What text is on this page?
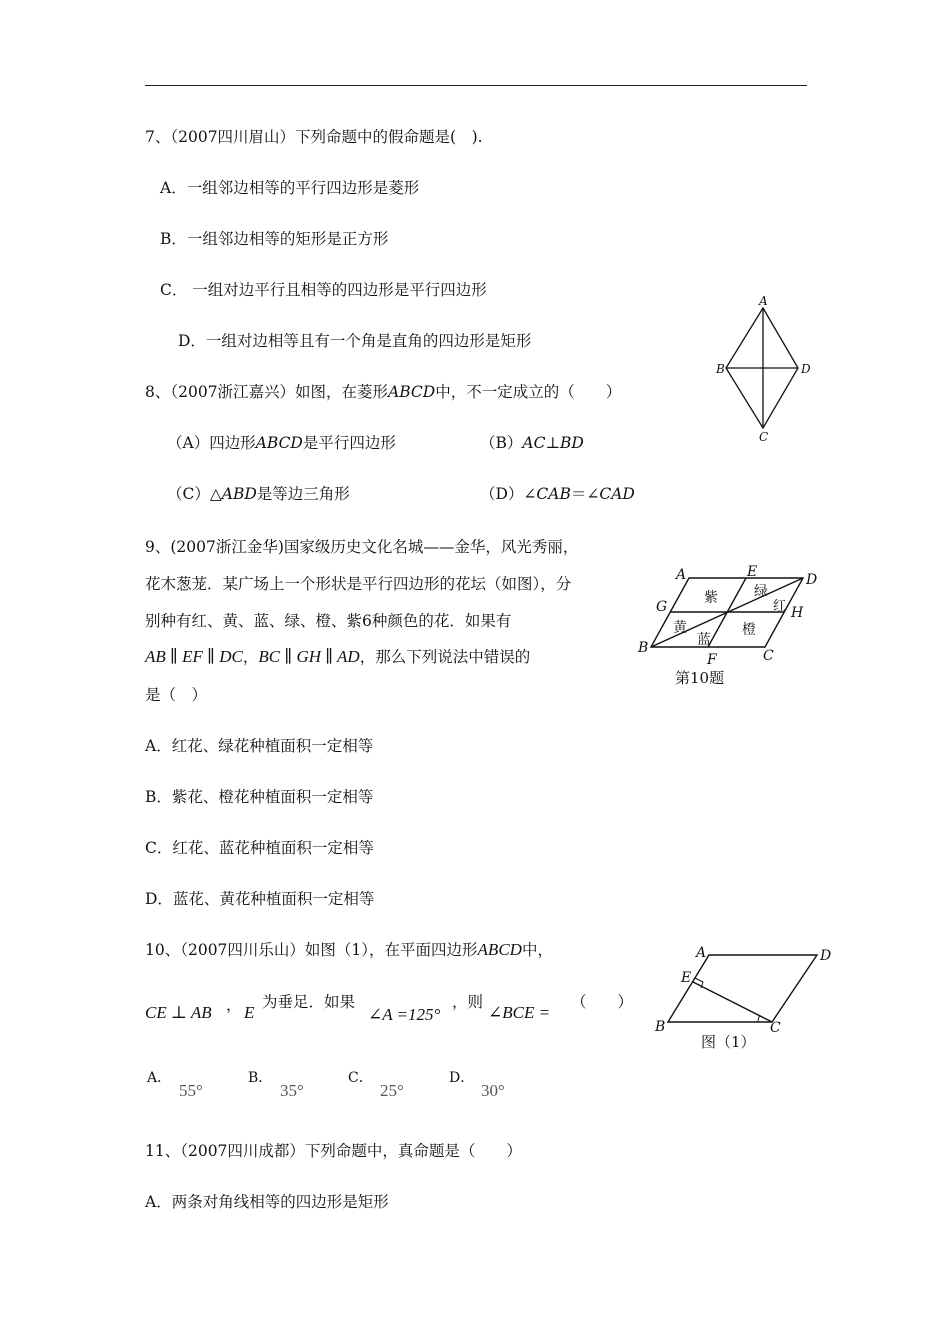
7、（2007四川眉山）下列命题中的假命题是(　).
A．一组邻边相等的平行四边形是菱形
B．一组邻边相等的矩形是正方形
C． 一组对边平行且相等的四边形是平行四边形
D．一组对边相等且有一个角是直角的四边形是矩形
8、（2007浙江嘉兴）如图，在菱形ABCD中，不一定成立的（　　）
（A）四边形ABCD是平行四边形	（B）AC⊥BD
（C）△ABD是等边三角形	（D）∠CAB＝∠CAD
A
B
C
D
9、(2007浙江金华)国家级历史文化名城——金华，风光秀丽，
花木葱茏．某广场上一个形状是平行四边形的花坛（如图），分
别种有红、黄、蓝、绿、橙、紫6种颜色的花．如果有
AB ∥ EF ∥ DC，BC ∥ GH ∥ AD，那么下列说法中错误的
是（　）
A．红花、绿花种植面积一定相等
B．紫花、橙花种植面积一定相等
C．红花、蓝花种植面积一定相等
D．蓝花、黄花种植面积一定相等
A	E	D
G	H
B
F	C
紫	绿
红
黄
蓝
橙
第10题
10、（2007四川乐山）如图（1），在平面四边形ABCD中，
CE ⊥ AB ， E
为垂足．如果
∠A =125°
，则
∠BCE =
（　　）
A．
55°
B．
35°
C．
25°
D．
30°
A	D
E
B	C
图（1）
11、（2007四川成都）下列命题中，真命题是（　　）
A．两条对角线相等的四边形是矩形
